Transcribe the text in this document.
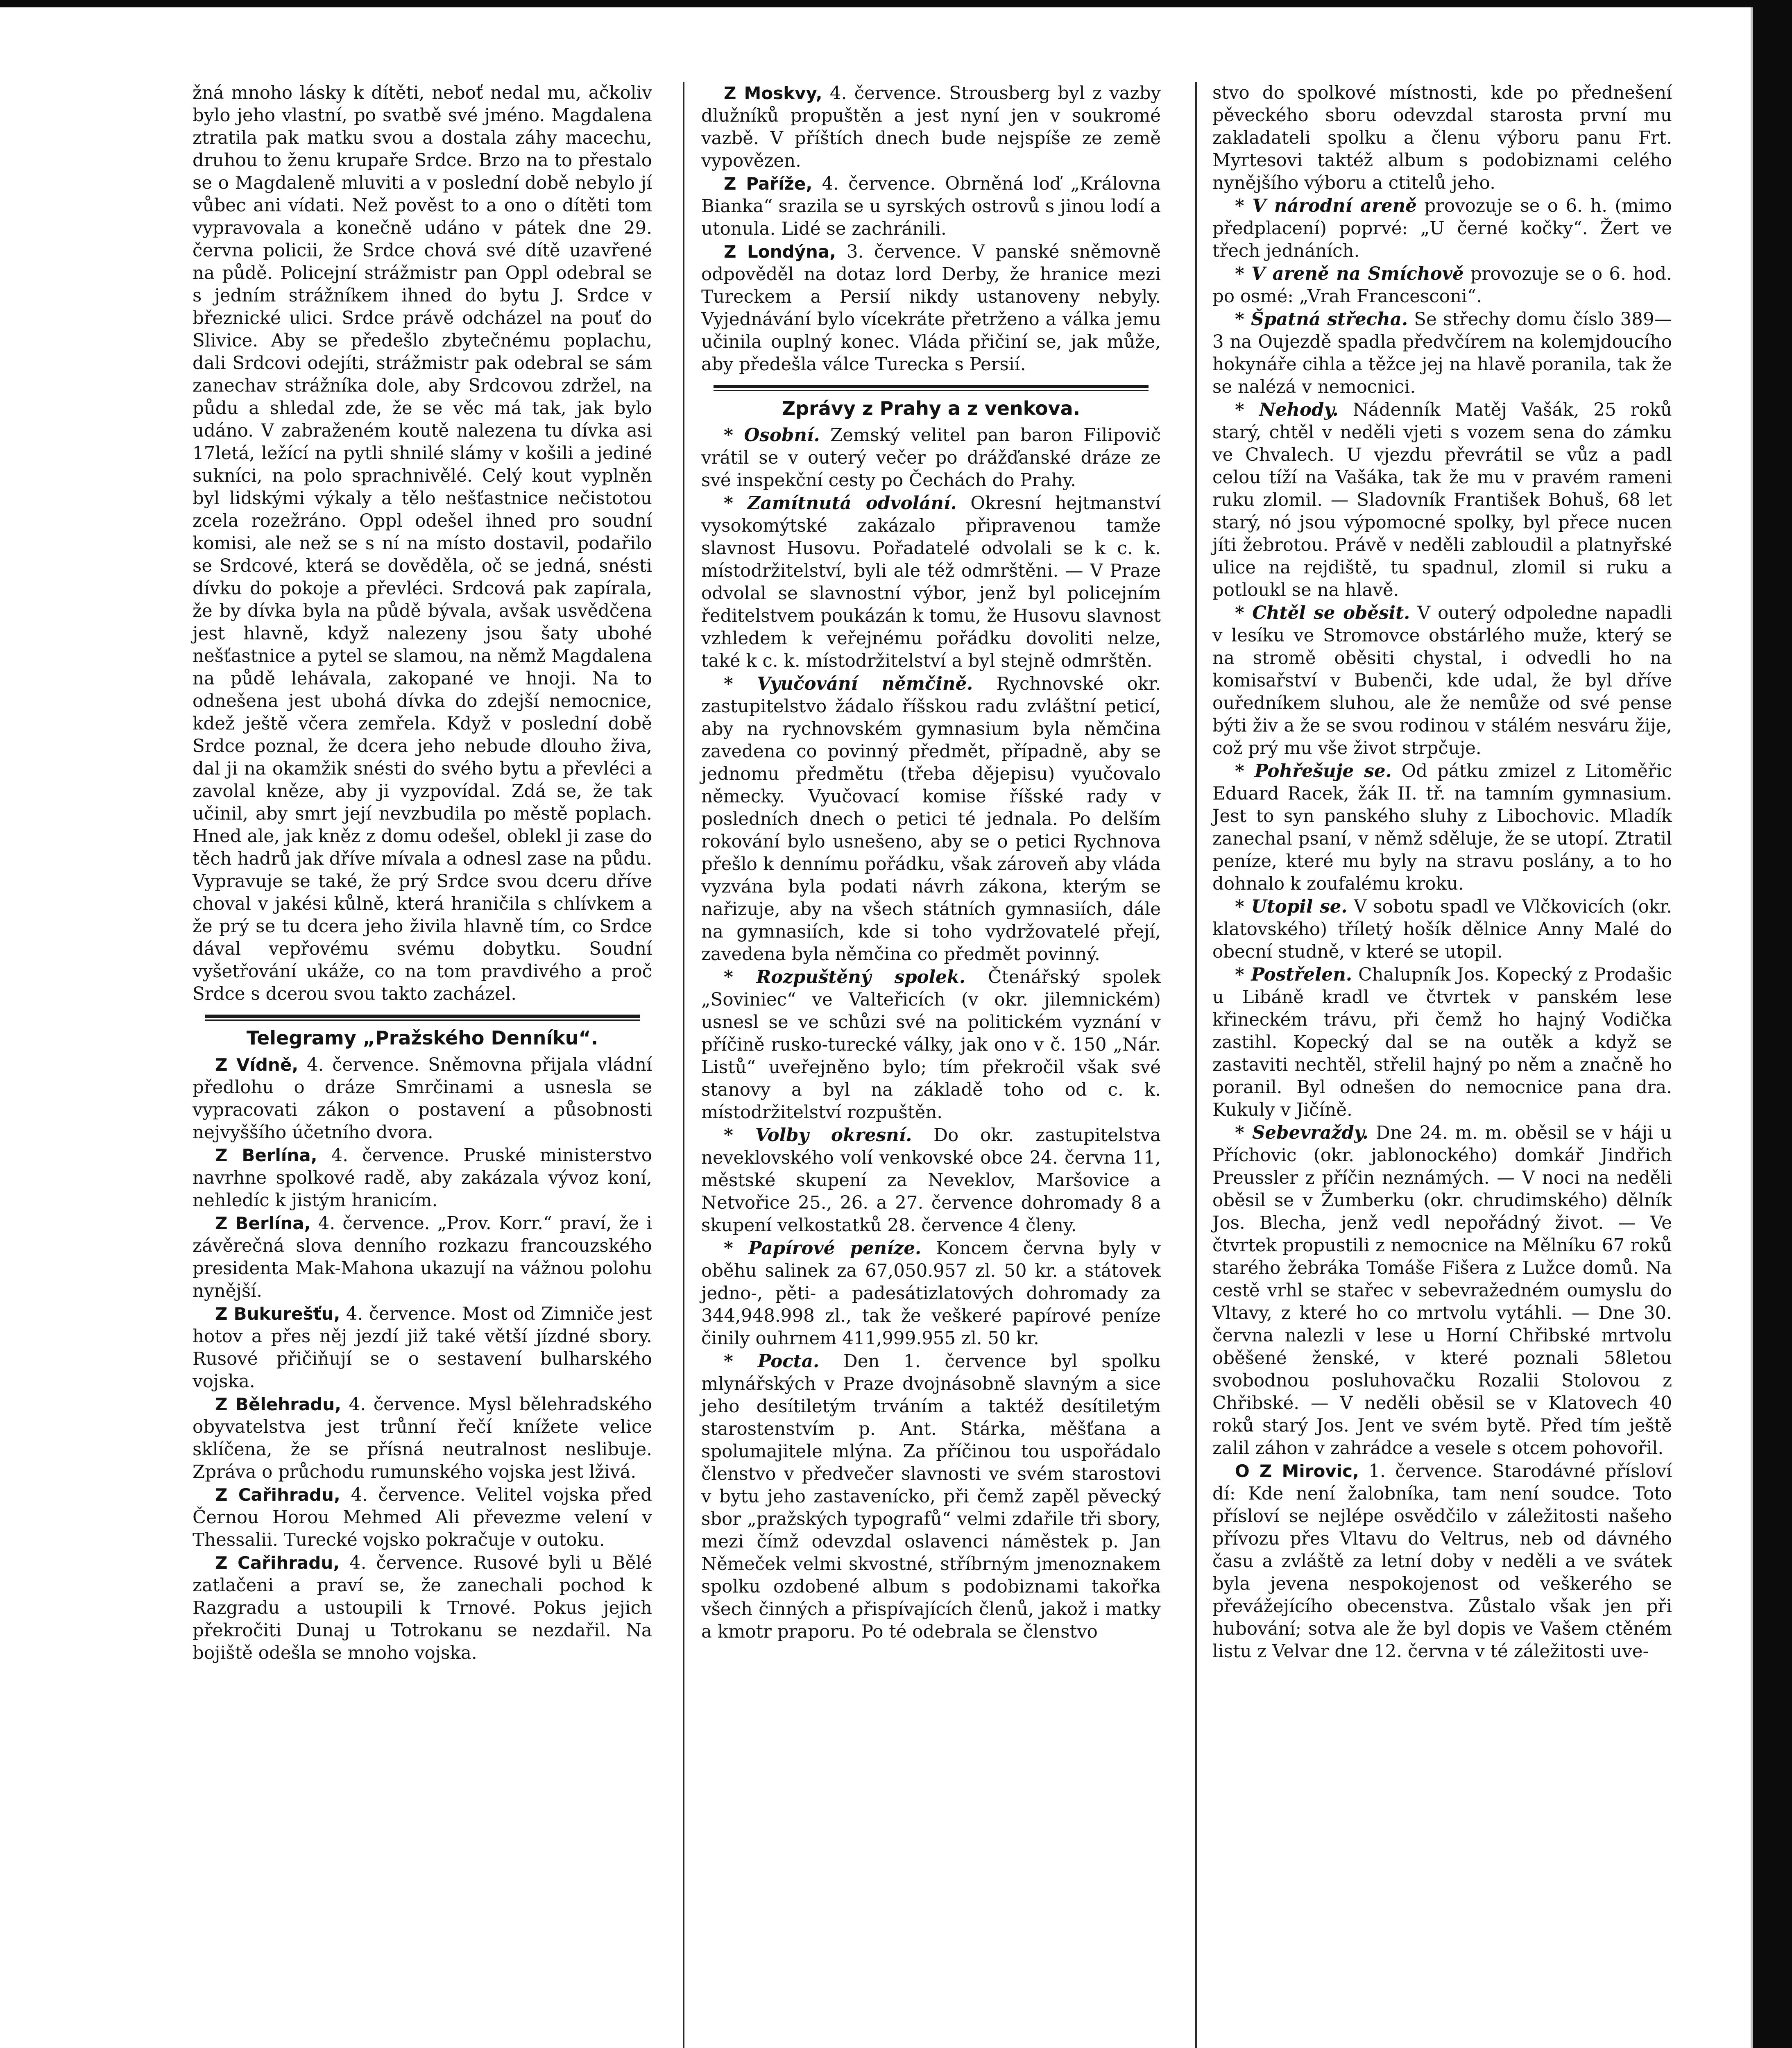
žná mnoho lásky k dítěti, neboť nedal mu, ačkoliv bylo jeho vlastní, po svatbě své jméno. Magdalena ztratila pak matku svou a dostala záhy macechu, druhou to ženu krupaře Srdce. Brzo na to přestalo se o Magdaleně mluviti a v poslední době nebylo jí vůbec ani vídati. Než pověst to a ono o dítěti tom vypravovala a konečně udáno v pátek dne 29. června policii, že Srdce chová své dítě uzavřené na půdě. Policejní strážmistr pan Oppl odebral se s jedním strážníkem ihned do bytu J. Srdce v březnické ulici. Srdce právě odcházel na pouť do Slivice. Aby se předešlo zbytečnému poplachu, dali Srdcovi odejíti, strážmistr pak odebral se sám zanechav strážníka dole, aby Srdcovou zdržel, na půdu a shledal zde, že se věc má tak, jak bylo udáno. V zabraženém koutě nalezena tu dívka asi 17letá, ležící na pytli shnilé slámy v košili a jediné sukníci, na polo sprachnivělé. Celý kout vyplněn byl lidskými výkaly a tělo nešťastnice nečistotou zcela rozežráno. Oppl odešel ihned pro soudní komisi, ale než se s ní na místo dostavil, podařilo se Srdcové, která se dověděla, oč se jedná, snésti dívku do pokoje a převléci. Srdcová pak zapírala, že by dívka byla na půdě bývala, avšak usvědčena jest hlavně, když nalezeny jsou šaty ubohé nešťastnice a pytel se slamou, na němž Magdalena na půdě lehávala, zakopané ve hnoji. Na to odnešena jest ubohá dívka do zdejší nemocnice, kdež ještě včera zemřela. Když v poslední době Srdce poznal, že dcera jeho nebude dlouho živa, dal ji na okamžik snésti do svého bytu a převléci a zavolal kněze, aby ji vyzpovídal. Zdá se, že tak učinil, aby smrt její nevzbudila po městě poplach. Hned ale, jak kněz z domu odešel, oblekl ji zase do těch hadrů jak dříve mívala a odnesl zase na půdu. Vypravuje se také, že prý Srdce svou dceru dříve choval v jakési kůlně, která hraničila s chlívkem a že prý se tu dcera jeho živila hlavně tím, co Srdce dával vepřovému svému dobytku. Soudní vyšetřování ukáže, co na tom pravdivého a proč Srdce s dcerou svou takto zacházel.

Telegramy „Pražského Denníku“.

Z Vídně, 4. července. Sněmovna přijala vládní předlohu o dráze Smrčinami a usnesla se vypracovati zákon o postavení a působnosti nejvyššího účetního dvora.

Z Berlína, 4. července. Pruské ministerstvo navrhne spolkové radě, aby zakázala vývoz koní, nehledíc k jistým hranicím.

Z Berlína, 4. července. „Prov. Korr.“ praví, že i závěrečná slova denního rozkazu francouzského presidenta Mak-Mahona ukazují na vážnou polohu nynější.

Z Bukurešťu, 4. července. Most od Zimniče jest hotov a přes něj jezdí již také větší jízdné sbory. Rusové přičiňují se o sestavení bulharského vojska.

Z Bělehradu, 4. července. Mysl bělehradského obyvatelstva jest trůnní řečí knížete velice sklíčena, že se přísná neutralnost neslibuje. Zpráva o průchodu rumunského vojska jest lživá.

Z Cařihradu, 4. července. Velitel vojska před Černou Horou Mehmed Ali převezme velení v Thessalii. Turecké vojsko pokračuje v outoku.

Z Cařihradu, 4. července. Rusové byli u Bělé zatlačeni a praví se, že zanechali pochod k Razgradu a ustoupili k Trnové. Pokus jejich překročiti Dunaj u Totrokanu se nezdařil. Na bojiště odešla se mnoho vojska.

Z Moskvy, 4. července. Strousberg byl z vazby dlužníků propuštěn a jest nyní jen v soukromé vazbě. V příštích dnech bude nejspíše ze země vypovězen.

Z Paříže, 4. července. Obrněná loď „Královna Bianka“ srazila se u syrských ostrovů s jinou lodí a utonula. Lidé se zachránili.

Z Londýna, 3. července. V panské sněmovně odpověděl na dotaz lord Derby, že hranice mezi Tureckem a Persií nikdy ustanoveny nebyly. Vyjednávání bylo vícekráte přetrženo a válka jemu učinila ouplný konec. Vláda přičiní se, jak může, aby předešla válce Turecka s Persií.

Zprávy z Prahy a z venkova.

* Osobní. Zemský velitel pan baron Filipovič vrátil se v outerý večer po drážďanské dráze ze své inspekční cesty po Čechách do Prahy.

* Zamítnutá odvolání. Okresní hejtmanství vysokomýtské zakázalo připravenou tamže slavnost Husovu. Pořadatelé odvolali se k c. k. místodržitelství, byli ale též odmrštěni. — V Praze odvolal se slavnostní výbor, jenž byl policejním ředitelstvem poukázán k tomu, že Husovu slavnost vzhledem k veřejnému pořádku dovoliti nelze, také k c. k. místodržitelství a byl stejně odmrštěn.

* Vyučování němčině. Rychnovské okr. zastupitelstvo žádalo říšskou radu zvláštní peticí, aby na rychnovském gymnasium byla němčina zavedena co povinný předmět, případně, aby se jednomu předmětu (třeba dějepisu) vyučovalo německy. Vyučovací komise říšské rady v posledních dnech o petici té jednala. Po delším rokování bylo usnešeno, aby se o petici Rychnova přešlo k dennímu pořádku, však zároveň aby vláda vyzvána byla podati návrh zákona, kterým se nařizuje, aby na všech státních gymnasiích, dále na gymnasiích, kde si toho vydržovatelé přejí, zavedena byla němčina co předmět povinný.

* Rozpuštěný spolek. Čtenářský spolek „Soviniec“ ve Valteřicích (v okr. jilemnickém) usnesl se ve schůzi své na politickém vyznání v příčině rusko-turecké války, jak ono v č. 150 „Nár. Listů“ uveřejněno bylo; tím překročil však své stanovy a byl na základě toho od c. k. místodržitelství rozpuštěn.

* Volby okresní. Do okr. zastupitelstva neveklovského volí venkovské obce 24. června 11, městské skupení za Neveklov, Maršovice a Netvořice 25., 26. a 27. července dohromady 8 a skupení velkostatků 28. července 4 členy.

* Papírové peníze. Koncem června byly v oběhu salinek za 67,050.957 zl. 50 kr. a státovek jedno-, pěti- a padesátizlatových dohromady za 344,948.998 zl., tak že veškeré papírové peníze činily ouhrnem 411,999.955 zl. 50 kr.

* Pocta. Den 1. července byl spolku mlynářských v Praze dvojnásobně slavným a sice jeho desítiletým trváním a taktéž desítiletým starostenstvím p. Ant. Stárka, měšťana a spolumajitele mlýna. Za příčinou tou uspořádalo členstvo v předvečer slavnosti ve svém starostovi v bytu jeho zastavenícko, při čemž zapěl pěvecký sbor „pražských typografů“ velmi zdařile tři sbory, mezi čímž odevzdal oslavenci náměstek p. Jan Němeček velmi skvostné, stříbrným jmenoznakem spolku ozdobené album s podobiznami takořka všech činných a přispívajících členů, jakož i matky a kmotr praporu. Po té odebrala se členstvo

stvo do spolkové místnosti, kde po přednešení pěveckého sboru odevzdal starosta první mu zakladateli spolku a členu výboru panu Frt. Myrtesovi taktéž album s podobiznami celého nynějšího výboru a ctitelů jeho.

* V národní areně provozuje se o 6. h. (mimo předplacení) poprvé: „U černé kočky“. Žert ve třech jednáních.

* V areně na Smíchově provozuje se o 6. hod. po osmé: „Vrah Francesconi“.

* Špatná střecha. Se střechy domu číslo 389—3 na Oujezdě spadla předvčírem na kolemjdoucího hokynáře cihla a těžce jej na hlavě poranila, tak že se nalézá v nemocnici.

* Nehody. Nádenník Matěj Vašák, 25 roků starý, chtěl v neděli vjeti s vozem sena do zámku ve Chvalech. U vjezdu převrátil se vůz a padl celou tíží na Vašáka, tak že mu v pravém rameni ruku zlomil. — Sladovník František Bohuš, 68 let starý, nó jsou výpomocné spolky, byl přece nucen jíti žebrotou. Právě v neděli zabloudil a platnyřské ulice na rejdiště, tu spadnul, zlomil si ruku a potloukl se na hlavě.

* Chtěl se oběsit. V outerý odpoledne napadli v lesíku ve Stromovce obstárlého muže, který se na stromě oběsiti chystal, i odvedli ho na komisařství v Bubenči, kde udal, že byl dříve ouředníkem sluhou, ale že nemůže od své pense býti živ a že se svou rodinou v stálém nesváru žije, což prý mu vše život strpčuje.

* Pohřešuje se. Od pátku zmizel z Litoměřic Eduard Racek, žák II. tř. na tamním gymnasium. Jest to syn panského sluhy z Libochovic. Mladík zanechal psaní, v němž sděluje, že se utopí. Ztratil peníze, které mu byly na stravu poslány, a to ho dohnalo k zoufalému kroku.

* Utopil se. V sobotu spadl ve Vlčkovicích (okr. klatovského) tříletý hošík dělnice Anny Malé do obecní studně, v které se utopil.

* Postřelen. Chalupník Jos. Kopecký z Prodašic u Libáně kradl ve čtvrtek v panském lese křineckém trávu, při čemž ho hajný Vodička zastihl. Kopecký dal se na outěk a když se zastaviti nechtěl, střelil hajný po něm a značně ho poranil. Byl odnešen do nemocnice pana dra. Kukuly v Jičíně.

* Sebevraždy. Dne 24. m. m. oběsil se v háji u Příchovic (okr. jablonockého) domkář Jindřich Preussler z příčin neznámých. — V noci na neděli oběsil se v Žumberku (okr. chrudimského) dělník Jos. Blecha, jenž vedl nepořádný život. — Ve čtvrtek propustili z nemocnice na Mělníku 67 roků starého žebráka Tomáše Fišera z Lužce domů. Na cestě vrhl se stařec v sebevražedném oumyslu do Vltavy, z které ho co mrtvolu vytáhli. — Dne 30. června nalezli v lese u Horní Chřibské mrtvolu oběšené ženské, v které poznali 58letou svobodnou posluhovačku Rozalii Stolovou z Chřibské. — V neděli oběsil se v Klatovech 40 roků starý Jos. Jent ve svém bytě. Před tím ještě zalil záhon v zahrádce a vesele s otcem pohovořil.

O Z Mirovic, 1. července. Starodávné přísloví dí: Kde není žalobníka, tam není soudce. Toto přísloví se nejlépe osvědčilo v záležitosti našeho přívozu přes Vltavu do Veltrus, neb od dávného času a zvláště za letní doby v neděli a ve svátek byla jevena nespokojenost od veškerého se převážejícího obecenstva. Zůstalo však jen při hubování; sotva ale že byl dopis ve Vašem ctěném listu z Velvar dne 12. června v té záležitosti uve-
